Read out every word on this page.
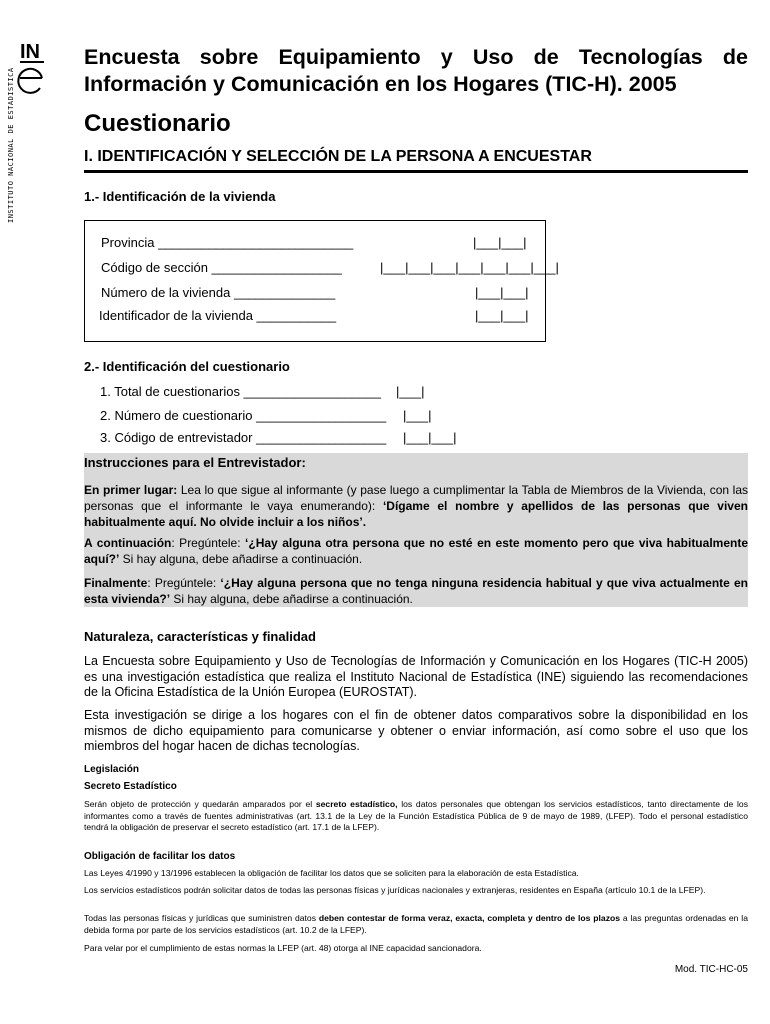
IN
INSTITUTO NACIONAL DE ESTADISTICA
Encuesta sobre Equipamiento y Uso de Tecnologías de Información y Comunicación en los Hogares (TIC-H). 2005
Cuestionario
I. IDENTIFICACIÓN Y SELECCIÓN DE LA PERSONA A ENCUESTAR
1.- Identificación de la vivienda
Provincia ___________________________	|___|___|
Código de sección __________________	|___|___|___|___|___|___|___|
Número de la vivienda ______________	|___|___|
Identificador de la vivienda ___________	|___|___|
2.- Identificación del cuestionario
1. Total de cuestionarios ___________________ |___|
2. Número de cuestionario __________________ |___|
3. Código de entrevistador __________________ |___|___|
Instrucciones para el Entrevistador:
En primer lugar: Lea lo que sigue al informante (y pase luego a cumplimentar la Tabla de Miembros de la Vivienda, con las personas que el informante le vaya enumerando): ‘Dígame el nombre y apellidos de las personas que viven habitualmente aquí. No olvide incluir a los niños’.
A continuación: Pregúntele: ‘¿Hay alguna otra persona que no esté en este momento pero que viva habitualmente aquí?’ Si hay alguna, debe añadirse a continuación.
Finalmente: Pregúntele: ‘¿Hay alguna persona que no tenga ninguna residencia habitual y que viva actualmente en esta vivienda?’ Si hay alguna, debe añadirse a continuación.
Naturaleza, características y finalidad
La Encuesta sobre Equipamiento y Uso de Tecnologías de Información y Comunicación en los Hogares (TIC-H 2005) es una investigación estadística que realiza el Instituto Nacional de Estadística (INE) siguiendo las recomendaciones de la Oficina Estadística de la Unión Europea (EUROSTAT).
Esta investigación se dirige a los hogares con el fin de obtener datos comparativos sobre la disponibilidad en los mismos de dicho equipamiento para comunicarse y obtener o enviar información, así como sobre el uso que los miembros del hogar hacen de dichas tecnologías.
Legislación
Secreto Estadístico
Serán objeto de protección y quedarán amparados por el secreto estadístico, los datos personales que obtengan los servicios estadísticos, tanto directamente de los informantes como a través de fuentes administrativas (art. 13.1 de la Ley de la Función Estadística Pública de 9 de mayo de 1989, (LFEP). Todo el personal estadístico tendrá la obligación de preservar el secreto estadístico (art. 17.1 de la LFEP).
Obligación de facilitar los datos
Las Leyes 4/1990 y 13/1996 establecen la obligación de facilitar los datos que se soliciten para la elaboración de esta Estadística.
Los servicios estadísticos podrán solicitar datos de todas las personas físicas y jurídicas nacionales y extranjeras, residentes en España (artículo 10.1 de la LFEP).
Todas las personas físicas y jurídicas que suministren datos deben contestar de forma veraz, exacta, completa y dentro de los plazos a las preguntas ordenadas en la debida forma por parte de los servicios estadísticos (art. 10.2 de la LFEP).
Para velar por el cumplimiento de estas normas la LFEP (art. 48) otorga al INE capacidad sancionadora.
Mod. TIC-HC-05
